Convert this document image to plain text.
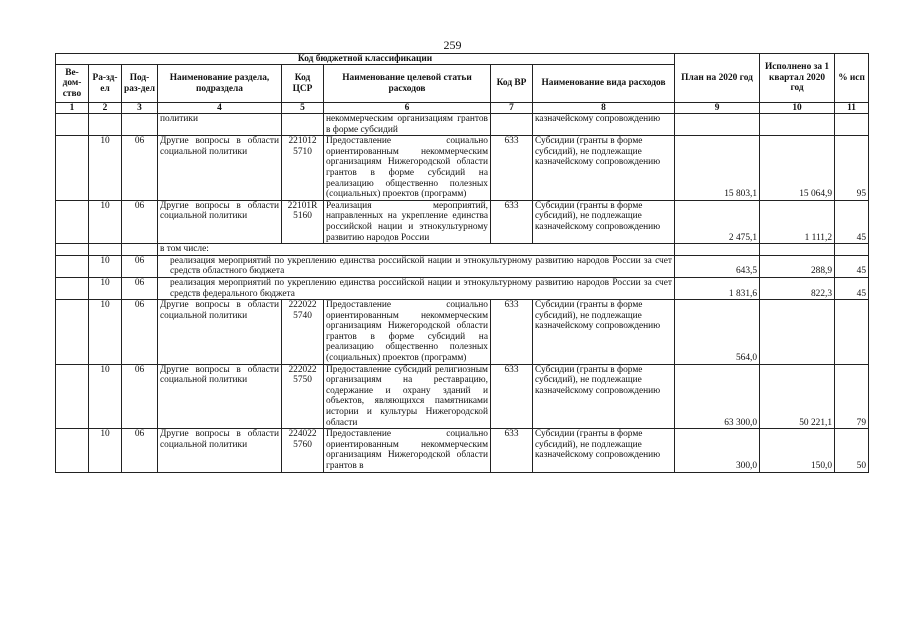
259
Код бюджетной классификации								План на 2020 год	Исполнено за 1 квартал 2020 год	% исп
Ве-дом-ство	Ра-зд-ел	Под-раз-дел	Наименование раздела, подраздела	Код ЦСР	Наименование целевой статьи расходов	Код ВР	Наименование вида расходов			
1	2	3	4	5	6	7	8	9	10	11
			политики		некоммерческим организациям грантов в форме субсидий		казначейскому сопровождению			
	10	06	Другие вопросы в области социальной политики	221012 5710	Предоставление социально ориентированным некоммерческим организациям Нижегородской области грантов в форме субсидий на реализацию общественно полезных (социальных) проектов (программ)	633	Субсидии (гранты в форме субсидий), не подлежащие казначейскому сопровождению	15 803,1	15 064,9	95
	10	06	Другие вопросы в области социальной политики	22101R 5160	Реализация мероприятий, направленных на укрепление единства российской нации и этнокультурному развитию народов России	633	Субсидии (гранты в форме субсидий), не подлежащие казначейскому сопровождению	2 475,1	1 111,2	45
			в том числе:							
	10	06	реализация мероприятий по укреплению единства российской нации и этнокультурному развитию народов России за счет средств областного бюджета					643,5	288,9	45
	10	06	реализация мероприятий по укреплению единства российской нации и этнокультурному развитию народов России за счет средств федерального бюджета					1 831,6	822,3	45
	10	06	Другие вопросы в области социальной политики	222022 5740	Предоставление социально ориентированным некоммерческим организациям Нижегородской области грантов в форме субсидий на реализацию общественно полезных (социальных) проектов (программ)	633	Субсидии (гранты в форме субсидий), не подлежащие казначейскому сопровождению	564,0		
	10	06	Другие вопросы в области социальной политики	222022 5750	Предоставление субсидий религиозным организациям на реставрацию, содержание и охрану зданий и объектов, являющихся памятниками истории и культуры Нижегородской области	633	Субсидии (гранты в форме субсидий), не подлежащие казначейскому сопровождению	63 300,0	50 221,1	79
	10	06	Другие вопросы в области социальной политики	224022 5760	Предоставление социально ориентированным некоммерческим организациям Нижегородской области грантов в	633	Субсидии (гранты в форме субсидий), не подлежащие казначейскому сопровождению	300,0	150,0	50
